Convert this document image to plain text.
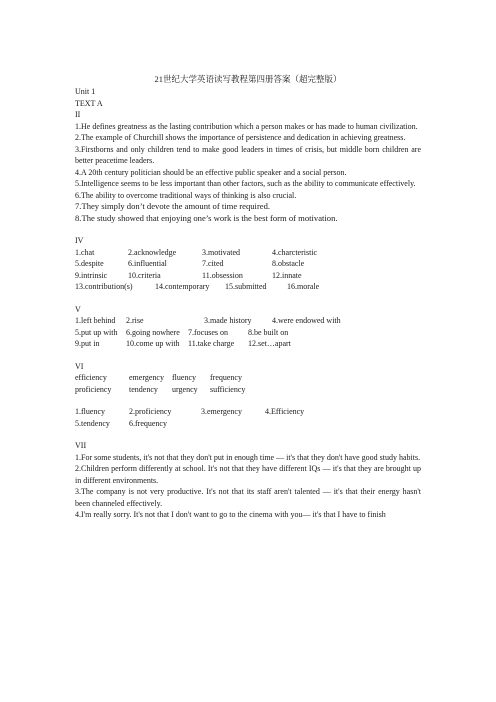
21世纪大学英语读写教程第四册答案（超完整版）

Unit 1

TEXT A

II

1.He defines greatness as the lasting contribution which a person makes or has made to human civilization.

2.The example of Churchill shows the importance of persistence and dedication in achieving greatness.

3.Firstborns and only children tend to make good leaders in times of crisis, but middle born children are better peacetime leaders.

4.A 20th century politician should be an effective public speaker and a social person.

5.Intelligence seems to be less important than other factors, such as the ability to communicate effectively.

6.The ability to overcome traditional ways of thinking is also crucial.

7.They simply don’t devote the amount of time required.

8.The study showed that enjoying one’s work is the best form of motivation.

IV

1.chat	2.acknowledge	3.motivated	4.charcteristic
5.despite	6.influential	7.cited	8.obstacle
9.intrinsic	10.criteria	11.obsession	12.innate
13.contribution(s)	14.contemporary	15.submitted	16.morale

V

1.left behind	2.rise	3.made history	4.were endowed with
5.put up with	6.going nowhere	7.focuses on	8.be built on
9.put in	10.come up with	11.take charge	12.set…apart

VI

efficiency	emergency	fluency	frequency
proficiency	tendency	urgency	sufficiency
1.fluency	2.proficiency	3.emergency	4.Efficiency
5.tendency	6.frequency

VII

1.For some students, it's not that they don't put in enough time — it's that they don't have good study habits.

2.Children perform differently at school. It's not that they have different IQs — it's that they are brought up in different environments.

3.The company is not very productive. It's not that its staff aren't talented — it's that their energy hasn't been channeled effectively.

4.I'm really sorry. It's not that I don't want to go to the cinema with you— it's that I have to finish
